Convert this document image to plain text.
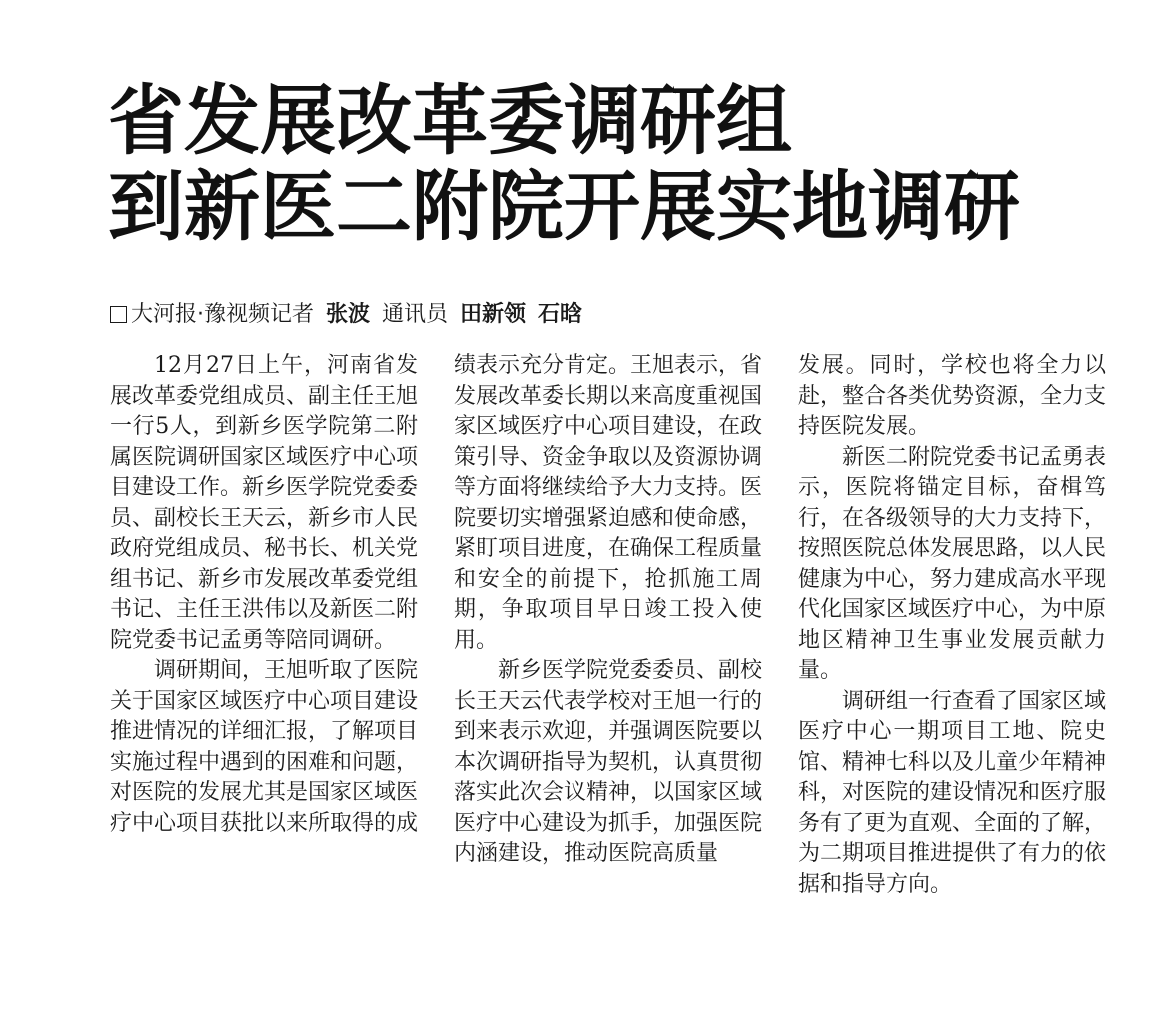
省发展改革委调研组
到新医二附院开展实地调研
大河报·豫视频记者 张波 通讯员 田新领 石晗

12月27日上午，河南省发展改革委党组成员、副主任王旭一行5人，到新乡医学院第二附属医院调研国家区域医疗中心项目建设工作。新乡医学院党委委员、副校长王天云，新乡市人民政府党组成员、秘书长、机关党组书记、新乡市发展改革委党组书记、主任王洪伟以及新医二附院党委书记孟勇等陪同调研。

调研期间，王旭听取了医院关于国家区域医疗中心项目建设推进情况的详细汇报，了解项目实施过程中遇到的困难和问题，对医院的发展尤其是国家区域医疗中心项目获批以来所取得的成

绩表示充分肯定。王旭表示，省发展改革委长期以来高度重视国家区域医疗中心项目建设，在政策引导、资金争取以及资源协调等方面将继续给予大力支持。医院要切实增强紧迫感和使命感，紧盯项目进度，在确保工程质量和安全的前提下，抢抓施工周期，争取项目早日竣工投入使用。

新乡医学院党委委员、副校长王天云代表学校对王旭一行的到来表示欢迎，并强调医院要以本次调研指导为契机，认真贯彻落实此次会议精神，以国家区域医疗中心建设为抓手，加强医院内涵建设，推动医院高质量

发展。同时，学校也将全力以赴，整合各类优势资源，全力支持医院发展。

新医二附院党委书记孟勇表示，医院将锚定目标，奋楫笃行，在各级领导的大力支持下，按照医院总体发展思路，以人民健康为中心，努力建成高水平现代化国家区域医疗中心，为中原地区精神卫生事业发展贡献力量。

调研组一行查看了国家区域医疗中心一期项目工地、院史馆、精神七科以及儿童少年精神科，对医院的建设情况和医疗服务有了更为直观、全面的了解，为二期项目推进提供了有力的依据和指导方向。
